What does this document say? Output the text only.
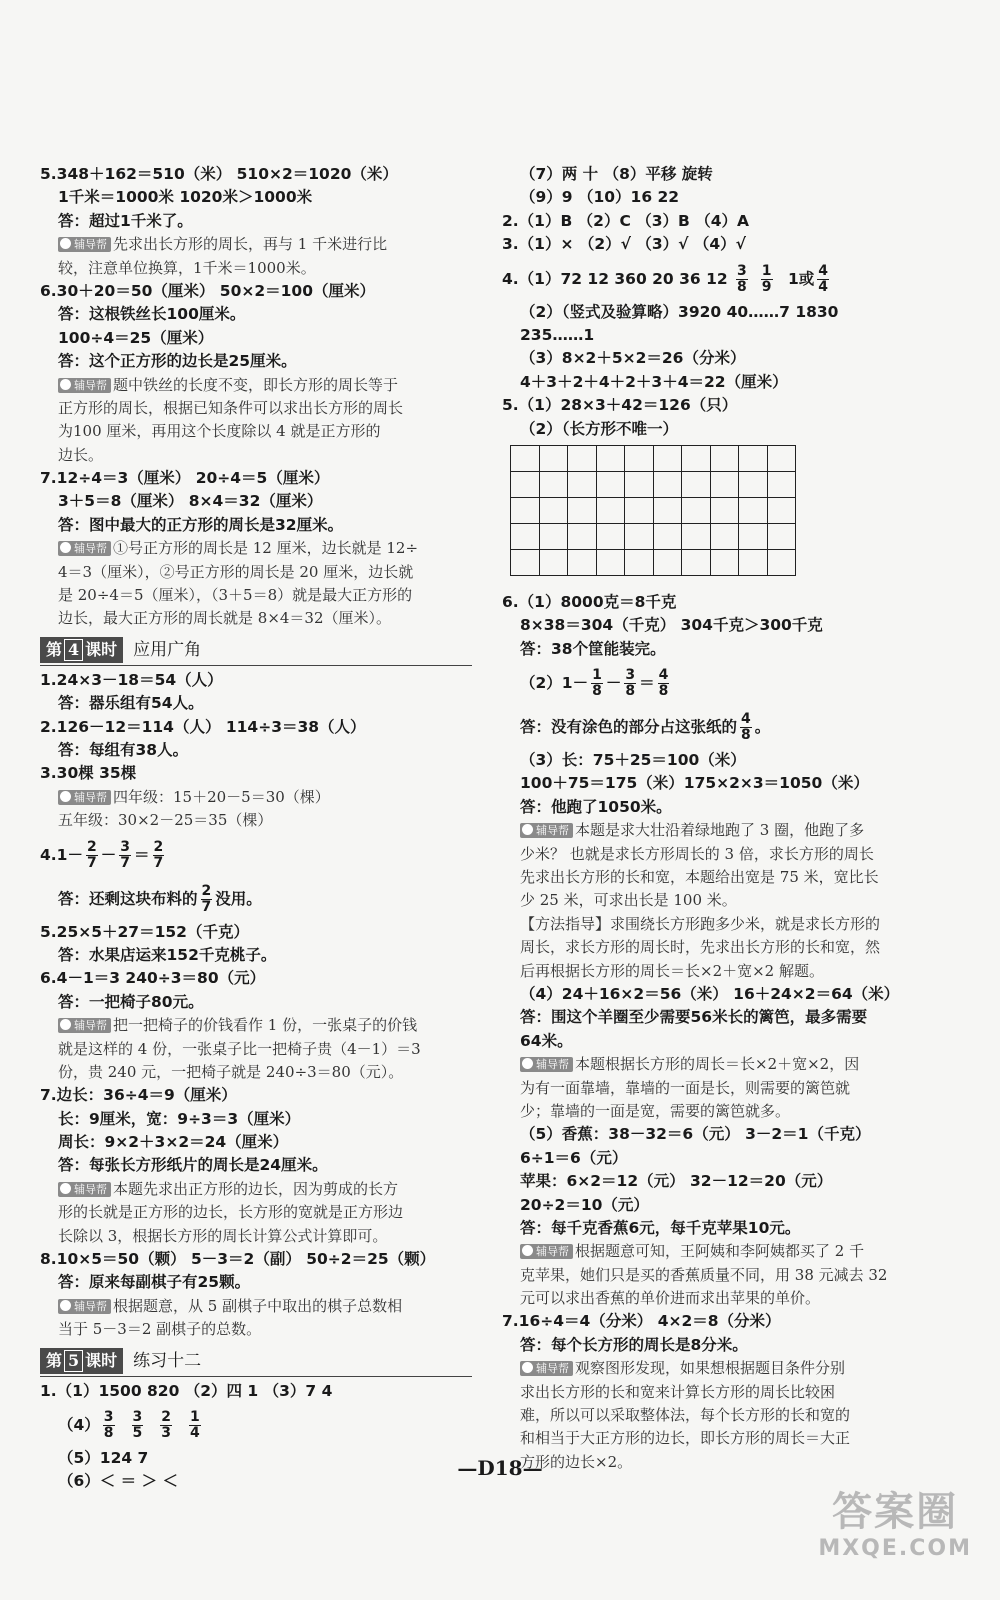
5.348＋162＝510（米） 510×2＝1020（米）
1千米＝1000米 1020米＞1000米
答：超过1千米了。
辅导帮 先求出长方形的周长，再与 1 千米进行比
较，注意单位换算，1千米＝1000米。
6.30＋20＝50（厘米） 50×2＝100（厘米）
答：这根铁丝长100厘米。
100÷4＝25（厘米）
答：这个正方形的边长是25厘米。
辅导帮 题中铁丝的长度不变，即长方形的周长等于
正方形的周长，根据已知条件可以求出长方形的周长
为100 厘米，再用这个长度除以 4 就是正方形的
边长。
7.12÷4＝3（厘米） 20÷4＝5（厘米）
3＋5＝8（厘米） 8×4＝32（厘米）
答：图中最大的正方形的周长是32厘米。
辅导帮 ①号正方形的周长是 12 厘米，边长就是 12÷
4＝3（厘米），②号正方形的周长是 20 厘米，边长就
是 20÷4＝5（厘米），（3＋5＝8）就是最大正方形的
边长，最大正方形的周长就是 8×4＝32（厘米）。
第 4 课时 应用广角
1.24×3－18＝54（人）
答：器乐组有54人。
2.126－12＝114（人） 114÷3＝38（人）
答：每组有38人。
3.30棵 35棵
辅导帮 四年级：15＋20－5＝30（棵）
五年级：30×2－25＝35（棵）
$4.1- \frac{2}{7} - \frac{3}{7} = \frac{2}{7}$
答：还剩这块布料的 $\frac{2}{7}$ 没用。
5.25×5＋27＝152（千克）
答：水果店运来152千克桃子。
6.4－1＝3 240÷3＝80（元）
答：一把椅子80元。
辅导帮 把一把椅子的价钱看作 1 份，一张桌子的价钱
就是这样的 4 份，一张桌子比一把椅子贵（4－1）＝3
份，贵 240 元，一把椅子就是 240÷3＝80（元）。
7.边长：36÷4＝9（厘米）
长：9厘米，宽：9÷3＝3（厘米）
周长：9×2＋3×2＝24（厘米）
答：每张长方形纸片的周长是24厘米。
辅导帮 本题先求出正方形的边长，因为剪成的长方
形的长就是正方形的边长，长方形的宽就是正方形边
长除以 3，根据长方形的周长计算公式计算即可。
8.10×5＝50（颗） 5－3＝2（副） 50÷2＝25（颗）
答：原来每副棋子有25颗。
辅导帮 根据题意，从 5 副棋子中取出的棋子总数相
当于 5－3＝2 副棋子的总数。
第 5 课时 练习十二
1.（1）1500 820 （2）四 1 （3）7 4
$(4) \frac{3}{8} \frac{3}{5} \frac{2}{3} \frac{1}{4}$
（5）124 7
（6）＜ ＝ ＞ ＜
（7）两 十 （8）平移 旋转
（9）9 （10）16 22
2.（1）B （2）C （3）B （4）A
3.（1）× （2）√ （3）√ （4）√
4.（1）72 12 360 20 36 $12 \frac{3}{8} \frac{1}{9} 1$或 $\frac{4}{4}$
（2）（竖式及验算略）3920 40……7 1830
235……1
（3）8×2＋5×2＝26（分米）
4＋3＋2＋4＋2＋3＋4＝22（厘米）
5.（1）28×3＋42＝126（只）
（2）（长方形不唯一）
6.（1）8000克＝8千克
8×38＝304（千克） 304千克＞300千克
答：38个筐能装完。
$(2)1- \frac{1}{8} - \frac{3}{8} = \frac{4}{8}$
答：没有涂色的部分占这张纸的 $\frac{4}{8}$ 。
（3）长：75＋25＝100（米）
100＋75＝175（米）175×2×3＝1050（米）
答：他跑了1050米。
辅导帮 本题是求大壮沿着绿地跑了 3 圈，他跑了多
少米？ 也就是求长方形周长的 3 倍，求长方形的周长
先求出长方形的长和宽，本题给出宽是 75 米，宽比长
少 25 米，可求出长是 100 米。
【方法指导】求围绕长方形跑多少米，就是求长方形的
周长，求长方形的周长时，先求出长方形的长和宽，然
后再根据长方形的周长＝长×2＋宽×2 解题。
（4）24＋16×2＝56（米） 16＋24×2＝64（米）
答：围这个羊圈至少需要56米长的篱笆，最多需要
64米。
辅导帮 本题根据长方形的周长＝长×2＋宽×2，因
为有一面靠墙，靠墙的一面是长，则需要的篱笆就
少；靠墙的一面是宽，需要的篱笆就多。
（5）香蕉：38－32＝6（元） 3－2＝1（千克）
6÷1＝6（元）
苹果：6×2＝12（元） 32－12＝20（元）
20÷2＝10（元）
答：每千克香蕉6元，每千克苹果10元。
辅导帮 根据题意可知，王阿姨和李阿姨都买了 2 千
克苹果，她们只是买的香蕉质量不同，用 38 元减去 32
元可以求出香蕉的单价进而求出苹果的单价。
7.16÷4＝4（分米） 4×2＝8（分米）
答：每个长方形的周长是8分米。
辅导帮 观察图形发现，如果想根据题目条件分别
求出长方形的长和宽来计算长方形的周长比较困
难，所以可以采取整体法，每个长方形的长和宽的
和相当于大正方形的边长，即长方形的周长＝大正
方形的边长×2。
—D18—
答案圈
MXQE.COM
